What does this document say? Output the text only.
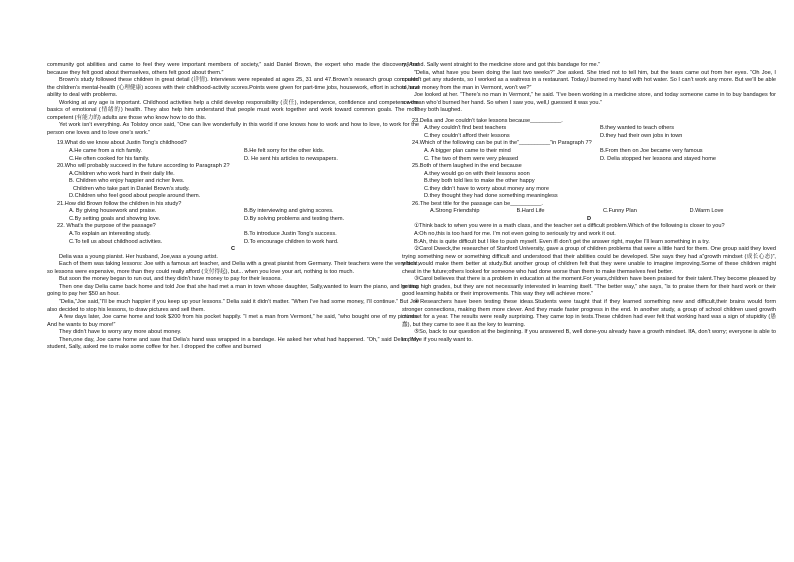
community got abilities and came to feel they were important members of society,” said Daniel Brown, the expert who made the discovery.“And because they felt good about themselves, others felt good about them.”

Brown’s study followed these children in great detail (详情). Interviews were repeated at ages 25, 31 and 47.Brown’s research group compared the children’s mental-health (心理健康) scores with their childhood-activity scores.Points were given for part-time jobs, housework, effort in school, and ability to deal with problems.

Working at any age is important. Childhood activities help a child develop responsibility (责任), independence, confidence and competence-the basics of emotional (情绪的) health. They also help him understand that people must work together and work toward common goals. The most competent (有能力的) adults are those who know how to do this.

Yet work isn't everything. As Tolstoy once said, “One can live wonderfully in this world if one knows how to work and how to love, to work for the person one loves and to love one’s work.”

19.What do we know about Justin Tong’s childhood?

A.He came from a rich family.	B.He felt sorry for the other kids.
C.He often cooked for his family.	D. He sent his articles to newspapers.

20.Who will probably succeed in the future according to Paragraph 2?

A.Children who work hard in their daily life.

B. Children who enjoy happier and richer lives.

Children who take part in Daniel Brown’s study.

D.Children who feel good about people around them.

21.How did Brown follow the children in his study?

A. By giving housework and praise.	B.By interviewing and giving scores.
C.By setting goals and showing love.	D.By solving problems and testing them.

22. What’s the purpose of the passage?

A.To explain an interesting study.	B.To introduce Justin Tong's success.
C.To tell us about childhood activities.	D.To encourage children to work hard.

C

Delia was a young pianist. Her husband, Joe,was a young artist.

Each of them was taking lessons: Joe with a famous art teacher, and Delia with a great pianist from Germany. Their teachers were the very best, so lessons were expensive, more than they could really afford (支付得起), but... when you love your art, nothing is too much.

But soon the money began to run out, and they didn’t have money to pay for their lessons.

Then one day Delia came back home and told Joe that she had met a man in town whose daughter, Sally,wanted to learn the piano, and he was going to pay her $50 an hour.

“Delia,”Joe said,“I’ll be much happier if you keep up your lessons.” Delia said it didn’t matter. “When I’ve had some money, I’ll continue.” But Joe also decided to stop his lessons, to draw pictures and sell them.

A few days later, Joe came home and took $200 from his pocket happily. “I met a man from Vermont,” he said, “who bought one of my pictures. And he wants to buy more!”

They didn’t have to worry any more about money.

Then,one day, Joe came home and saw that Delia’s hand was wrapped in a bandage. He asked her what had happened. “Oh,” said Delia. “My student, Sally, asked me to make some coffee for her. I dropped the coffee and burned

my hand. Sally went straight to the medicine store and got this bandage for me.”

“Delia, what have you been doing the last two weeks?” Joe asked. She tried not to tell him, but the tears came out from her eyes. “Oh Joe, I couldn’t get any students, so I worked as a waitress in a restaurant. Today,I burned my hand with hot water. So I can’t work any more. But we’ll be able to have money from the man in Vermont, won’t we?”

Joe looked at her. “There’s no man in Vermont,” he said. “I’ve been working in a medicine store, and today someone came in to buy bandages for a woman who’d burned her hand. So when I saw you, well,I guessed it was you.”

They both laughed.

23.Delia and Joe couldn’t take lessons because__________.

A.they couldn't find best teachers	B.they wanted to teach others
C.they couldn’t afford their lessons	D.they had their own jobs in town

24.Which of the following can be put in the“__________”in Paragraph 7?

A. A bigger plan came to their mind	B.From then on Joe became very famous
C. The two of them were very pleased	D. Delia stopped her lessons and stayed home

25.Both of them laughed in the end because

A.they would go on with their lessons soon

B.they both told lies to make the other happy

C.they didn’t have to worry about money any more

D.they thought they had done something meaningless

26.The best title for the passage can be__________.

A.Strong Friendship	B.Hard Life	C.Funny Plan	D.Warm Love

D

①Think back to when you were in a math class, and the teacher set a difficult problem.Which of the following is closer to you?

A:Oh no,this is too hard for me. I’m not even going to seriously try and work it out.

B:Ah, this is quite difficult but I like to push myself. Even ifI don’t get the answer right, maybe I’ll learn something in a try.

②Carol Dweck,the researcher of Stanford University, gave a group of children problems that were a little hard for them. One group said they loved trying something new or something difficult and understood that their abilities could be developed. She says they had a“growth mindset (成长心态)”, which would make them better at study.But another group of children felt that they were unable to imagine improving.Some of these children might cheat in the future;others looked for someone who had done worse than them to make themselves feel better.

③Carol believes that there is a problem in education at the moment.For years,children have been praised for their talent.They become pleased by getting high grades, but they are not necessarily interested in learning itself. “The better way,” she says, “is to praise them for their hard work or their good learning habits or their improvements. This way they will achieve more.”

④Researchers have been testing these ideas.Students were taught that if they learned something new and difficult,their brains would form stronger connections, making them more clever. And they made faster progress in the end. In another study, a group of school children used growth mindset for a year. The results were really surprising. They came top in tests.These children had ever felt that working hard was a sign of stupidity (愚蠢), but they came to see it as the key to learning.

⑤So, back to our question at the beginning. If you answered B, well done-you already have a growth mindset. IfA, don’t worry; everyone is able to improve if you really want to.
